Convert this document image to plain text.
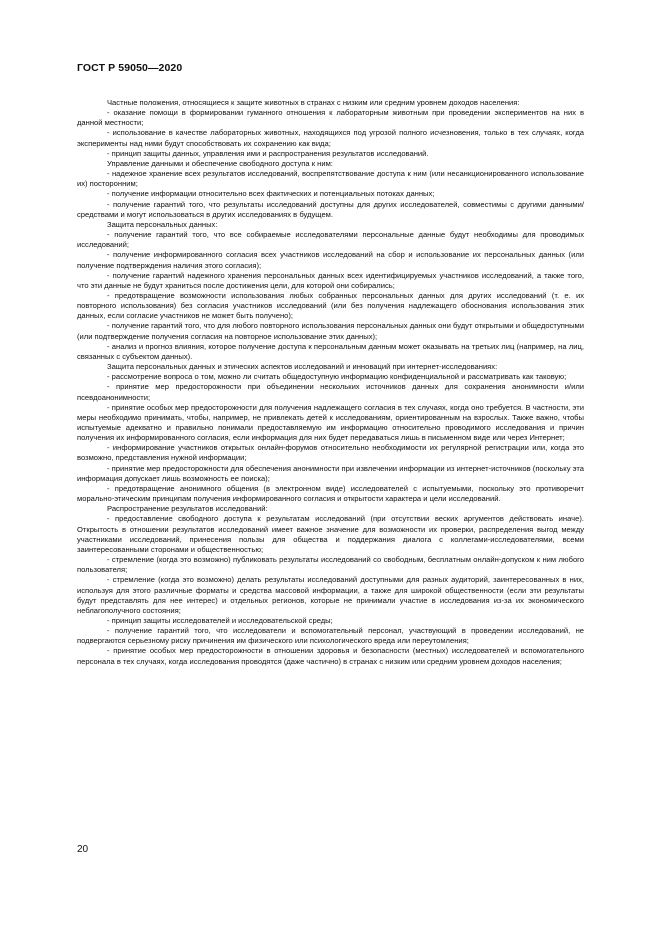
ГОСТ Р 59050—2020

Частные положения, относящиеся к защите животных в странах с низким или средним уровнем доходов населения:

- оказание помощи в формировании гуманного отношения к лабораторным животным при проведении экспериментов на них в данной местности;

- использование в качестве лабораторных животных, находящихся под угрозой полного исчезновения, только в тех случаях, когда эксперименты над ними будут способствовать их сохранению как вида;

- принцип защиты данных, управления ими и распространения результатов исследований.

Управление данными и обеспечение свободного доступа к ним:

- надежное хранение всех результатов исследований, воспрепятствование доступа к ним (или несанкционированного использование их) посторонним;

- получение информации относительно всех фактических и потенциальных потоках данных;

- получение гарантий того, что результаты исследований доступны для других исследователей, совместимы с другими данными/средствами и могут использоваться в других исследованиях в будущем.

Защита персональных данных:

- получение гарантий того, что все собираемые исследователями персональные данные будут необходимы для проводимых исследований;

- получение информированного согласия всех участников исследований на сбор и использование их персональных данных (или получение подтверждения наличия этого согласия);

- получение гарантий надежного хранения персональных данных всех идентифицируемых участников исследований, а также того, что эти данные не будут храниться после достижения цели, для которой они собирались;

- предотвращение возможности использования любых собранных персональных данных для других исследований (т. е. их повторного использования) без согласия участников исследований (или без получения надлежащего обоснования использования этих данных, если согласие участников не может быть получено);

- получение гарантий того, что для любого повторного использования персональных данных они будут открытыми и общедоступными (или подтверждение получения согласия на повторное использование этих данных);

- анализ и прогноз влияния, которое получение доступа к персональным данным может оказывать на третьих лиц (например, на лиц, связанных с субъектом данных).

Защита персональных данных и этических аспектов исследований и инноваций при интернет-исследованиях:

- рассмотрение вопроса о том, можно ли считать общедоступную информацию конфиденциальной и рассматривать как таковую;

- принятие мер предосторожности при объединении нескольких источников данных для сохранения анонимности и/или псевдоанонимности;

- принятие особых мер предосторожности для получения надлежащего согласия в тех случаях, когда оно требуется. В частности, эти меры необходимо принимать, чтобы, например, не привлекать детей к исследованиям, ориентированным на взрослых. Также важно, чтобы испытуемые адекватно и правильно понимали предоставляемую им информацию относительно проводимого исследования и причин получения их информированного согласия, если информация для них будет передаваться лишь в письменном виде или через Интернет;

- информирование участников открытых онлайн-форумов относительно необходимости их регулярной регистрации или, когда это возможно, представления нужной информации;

- принятие мер предосторожности для обеспечения анонимности при извлечении информации из интернет-источников (поскольку эта информация допускает лишь возможность ее поиска);

- предотвращение анонимного общения (в электронном виде) исследователей с испытуемыми, поскольку это противоречит морально-этическим принципам получения информированного согласия и открытости характера и цели исследований.

Распространение результатов исследований:

- предоставление свободного доступа к результатам исследований (при отсутствии веских аргументов действовать иначе). Открытость в отношении результатов исследований имеет важное значение для возможности их проверки, распределения выгод между участниками исследований, принесения пользы для общества и поддержания диалога с коллегами-исследователями, всеми заинтересованными сторонами и общественностью;

- стремление (когда это возможно) публиковать результаты исследований со свободным, бесплатным онлайн-допуском к ним любого пользователя;

- стремление (когда это возможно) делать результаты исследований доступными для разных аудиторий, заинтересованных в них, используя для этого различные форматы и средства массовой информации, а также для широкой общественности (если эти результаты будут представлять для нее интерес) и отдельных регионов, которые не принимали участие в исследования из-за их экономического неблагополучного состояния;

- принцип защиты исследователей и исследовательской среды;

- получение гарантий того, что исследователи и вспомогательный персонал, участвующий в проведении исследований, не подвергаются серьезному риску причинения им физического или психологического вреда или переутомления;

- принятие особых мер предосторожности в отношении здоровья и безопасности (местных) исследователей и вспомогательного персонала в тех случаях, когда исследования проводятся (даже частично) в странах с низким или средним уровнем доходов населения;

20
